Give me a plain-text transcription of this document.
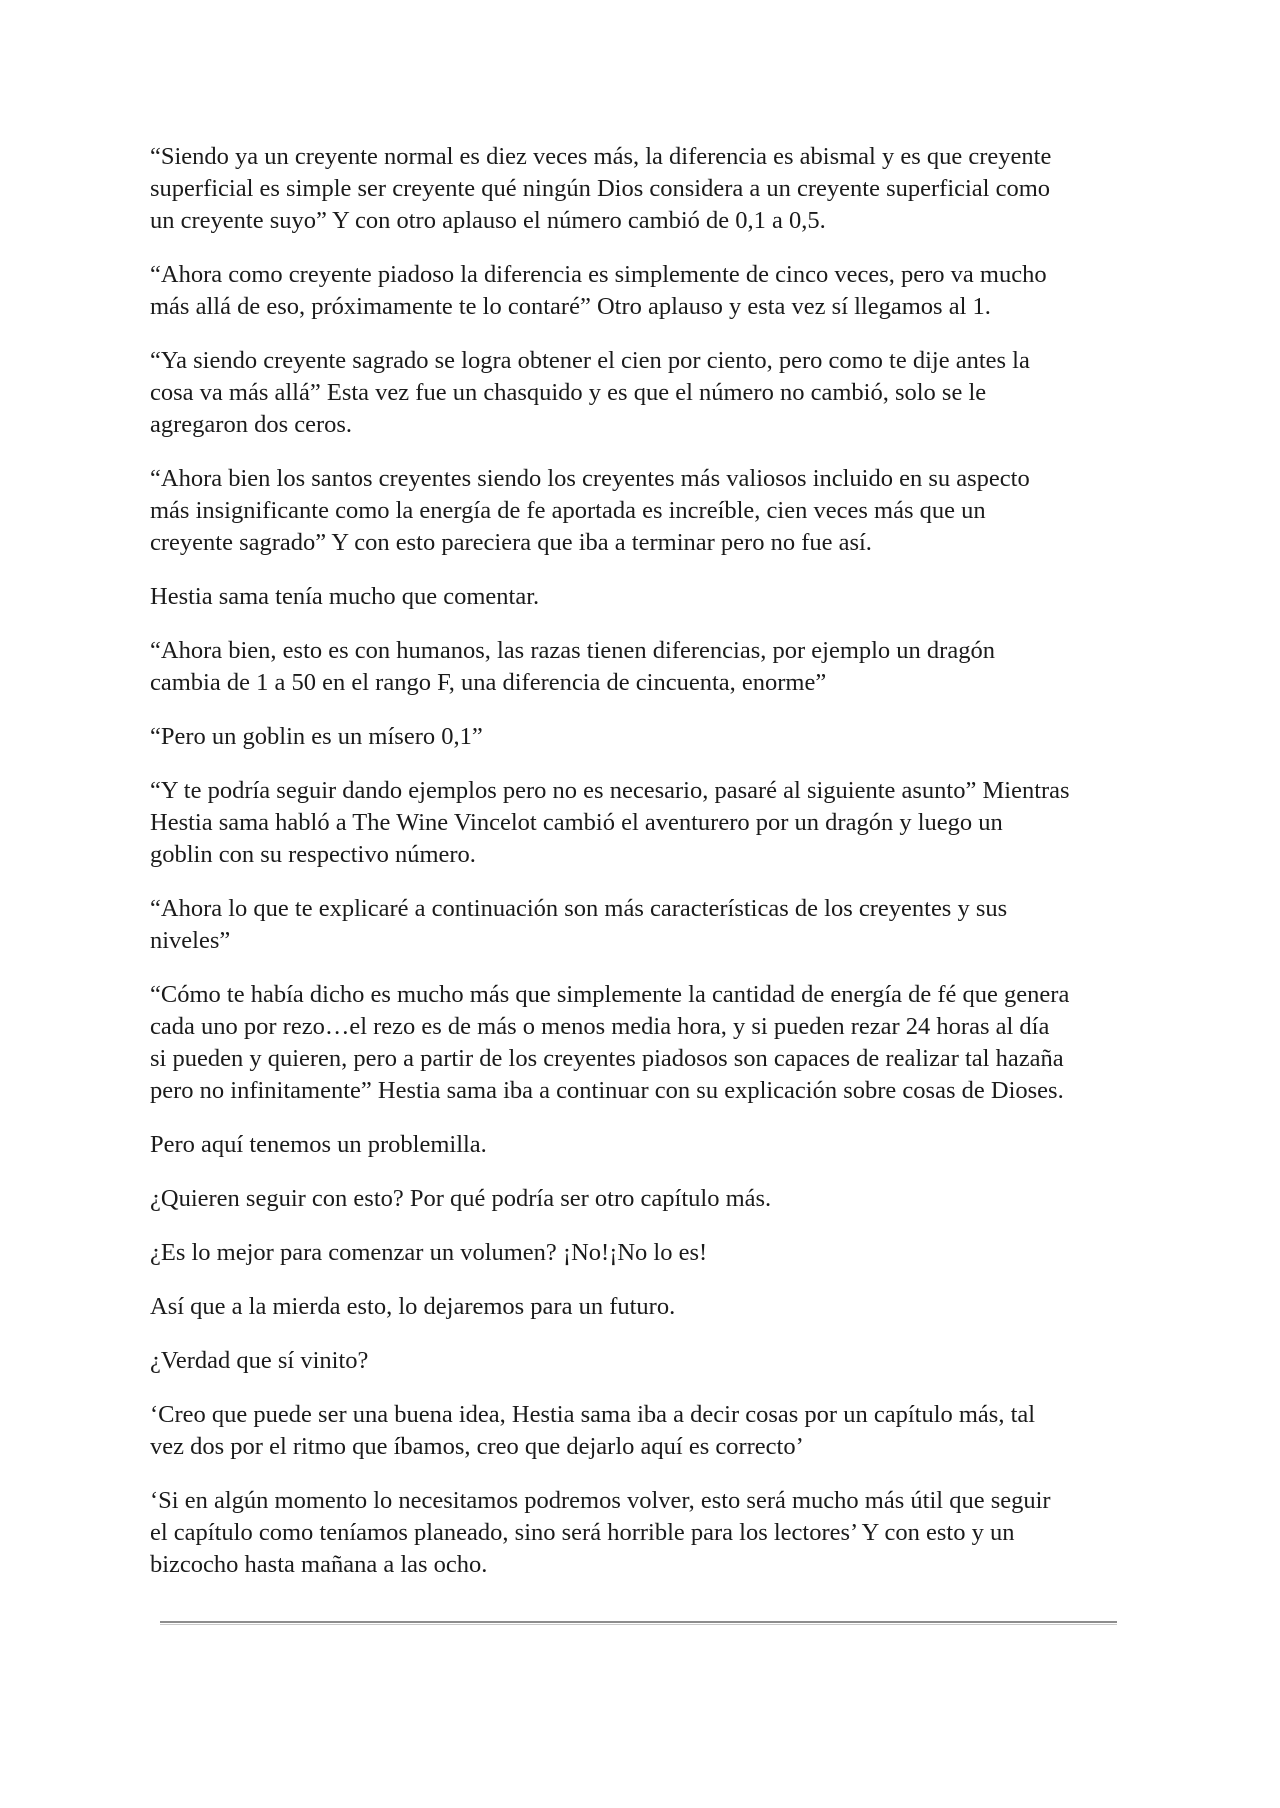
“Siendo ya un creyente normal es diez veces más, la diferencia es abismal y es que creyente
superficial es simple ser creyente qué ningún Dios considera a un creyente superficial como
un creyente suyo” Y con otro aplauso el número cambió de 0,1 a 0,5.
“Ahora como creyente piadoso la diferencia es simplemente de cinco veces, pero va mucho
más allá de eso, próximamente te lo contaré” Otro aplauso y esta vez sí llegamos al 1.
“Ya siendo creyente sagrado se logra obtener el cien por ciento, pero como te dije antes la
cosa va más allá” Esta vez fue un chasquido y es que el número no cambió, solo se le
agregaron dos ceros.
“Ahora bien los santos creyentes siendo los creyentes más valiosos incluido en su aspecto
más insignificante como la energía de fe aportada es increíble, cien veces más que un
creyente sagrado” Y con esto pareciera que iba a terminar pero no fue así.
Hestia sama tenía mucho que comentar.
“Ahora bien, esto es con humanos, las razas tienen diferencias, por ejemplo un dragón
cambia de 1 a 50 en el rango F, una diferencia de cincuenta, enorme”
“Pero un goblin es un mísero 0,1”
“Y te podría seguir dando ejemplos pero no es necesario, pasaré al siguiente asunto” Mientras
Hestia sama habló a The Wine Vincelot cambió el aventurero por un dragón y luego un
goblin con su respectivo número.
“Ahora lo que te explicaré a continuación son más características de los creyentes y sus
niveles”
“Cómo te había dicho es mucho más que simplemente la cantidad de energía de fé que genera
cada uno por rezo…el rezo es de más o menos media hora, y si pueden rezar 24 horas al día
si pueden y quieren, pero a partir de los creyentes piadosos son capaces de realizar tal hazaña
pero no infinitamente” Hestia sama iba a continuar con su explicación sobre cosas de Dioses.
Pero aquí tenemos un problemilla.
¿Quieren seguir con esto? Por qué podría ser otro capítulo más.
¿Es lo mejor para comenzar un volumen? ¡No!¡No lo es!
Así que a la mierda esto, lo dejaremos para un futuro.
¿Verdad que sí vinito?
‘Creo que puede ser una buena idea, Hestia sama iba a decir cosas por un capítulo más, tal
vez dos por el ritmo que íbamos, creo que dejarlo aquí es correcto’
‘Si en algún momento lo necesitamos podremos volver, esto será mucho más útil que seguir
el capítulo como teníamos planeado, sino será horrible para los lectores’ Y con esto y un
bizcocho hasta mañana a las ocho.
